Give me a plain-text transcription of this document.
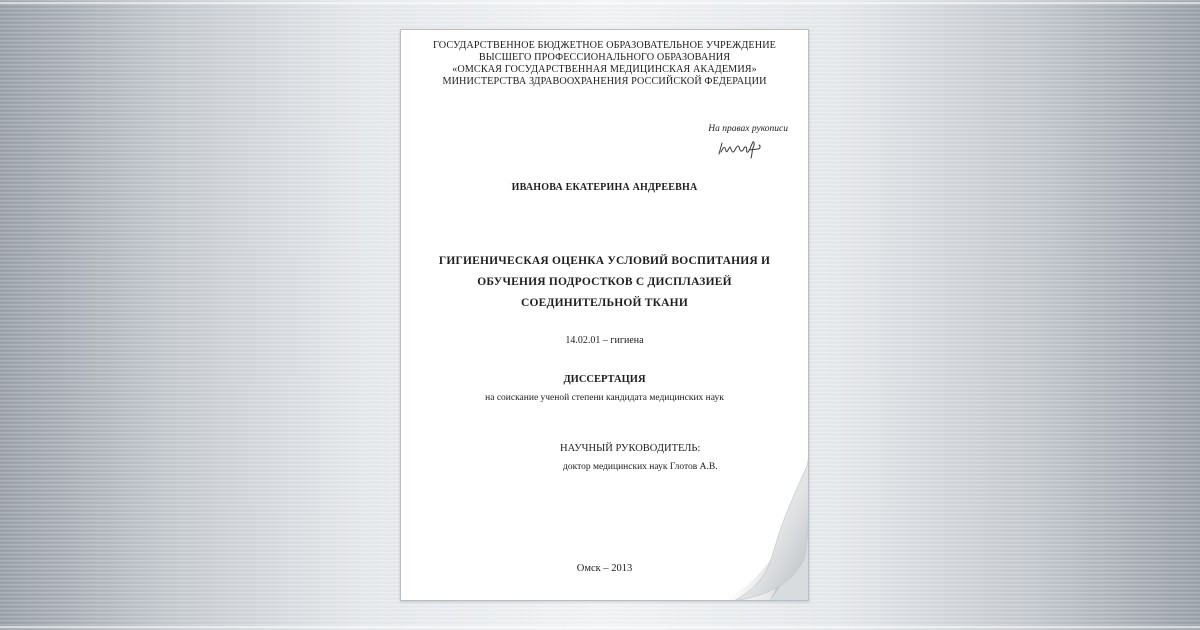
ГОСУДАРСТВЕННОЕ БЮДЖЕТНОЕ ОБРАЗОВАТЕЛЬНОЕ УЧРЕЖДЕНИЕ

ВЫСШЕГО ПРОФЕССИОНАЛЬНОГО ОБРАЗОВАНИЯ

«ОМСКАЯ ГОСУДАРСТВЕННАЯ МЕДИЦИНСКАЯ АКАДЕМИЯ»

МИНИСТЕРСТВА ЗДРАВООХРАНЕНИЯ РОССИЙСКОЙ ФЕДЕРАЦИИ

На правах рукописи

ИВАНОВА ЕКАТЕРИНА АНДРЕЕВНА

ГИГИЕНИЧЕСКАЯ ОЦЕНКА УСЛОВИЙ ВОСПИТАНИЯ И

ОБУЧЕНИЯ ПОДРОСТКОВ С ДИСПЛАЗИЕЙ

СОЕДИНИТЕЛЬНОЙ ТКАНИ

14.02.01 – гигиена

ДИССЕРТАЦИЯ

на соискание ученой степени кандидата медицинских наук

НАУЧНЫЙ РУКОВОДИТЕЛЬ:

доктор медицинских наук Глотов А.В.

Омск – 2013
